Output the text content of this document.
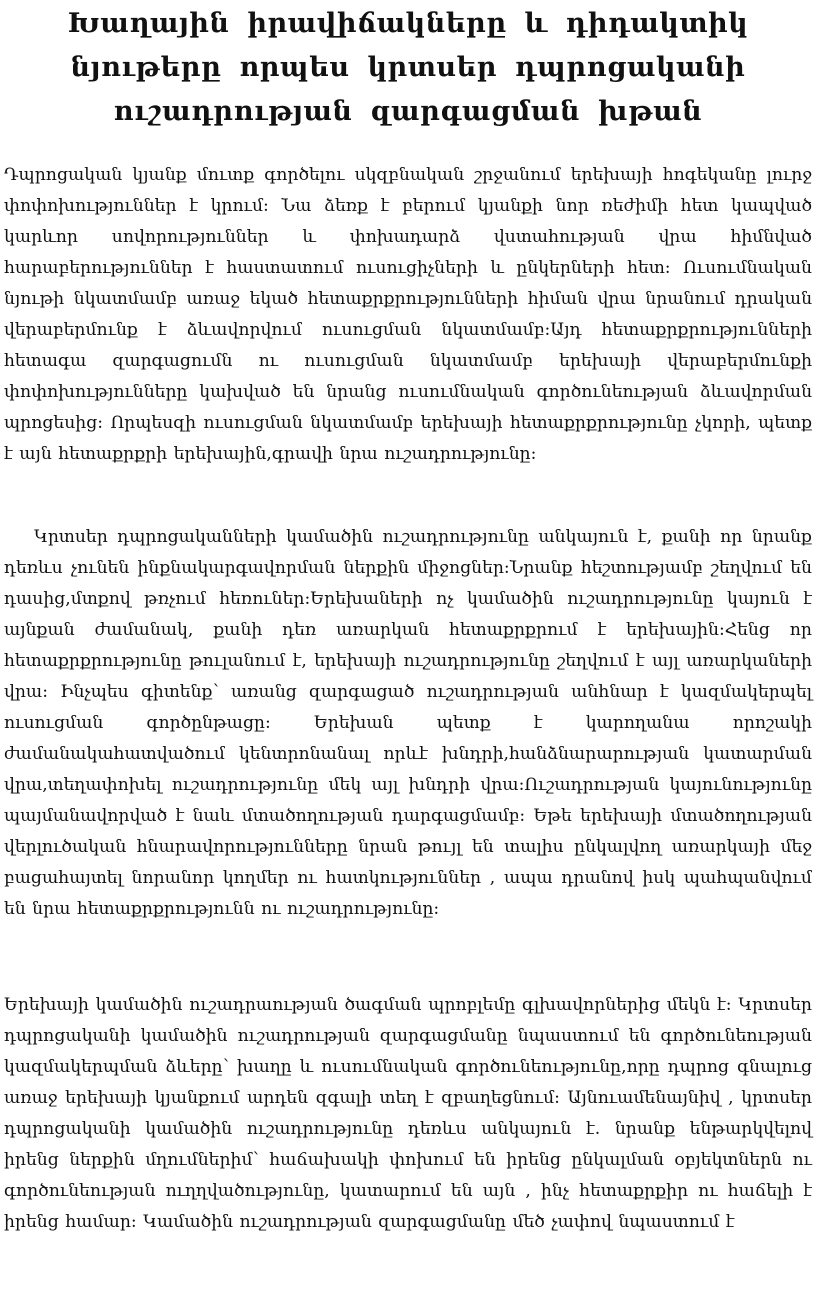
Խաղային իրավիճակները և դիդակտիկ նյութերը որպես կրտսեր դպրոցականի ուշադրության զարգացման խթան

Դպրոցական կյանք մուտք գործելու սկզբնական շրջանում երեխայի հոգեկանը լուրջ փոփոխություններ է կրում: Նա ձեռք է բերում կյանքի նոր ռեժիմի հետ կապված կարևոր սովորություններ և փոխադարձ վստահության վրա հիմնված հարաբերություններ է հաստատում ուսուցիչների և ընկերների հետ: Ուսումնական նյութի նկատմամբ առաջ եկած հետաքրքրությունների հիման վրա նրանում դրական վերաբերմունք է ձևավորվում ուսուցման նկատմամբ:Այդ հետաքրքրությունների հետագա զարգացումն ու ուսուցման նկատմամբ երեխայի վերաբերմունքի փոփոխությունները կախված են նրանց ուսումնական գործունեության ձևավորման պրոցեսից: Որպեսզի ուսուցման նկատմամբ երեխայի հետաքրքրությունը չկորի, պետք է այն հետաքրքրի երեխային,գրավի նրա ուշադրությունը:

Կրտսեր դպրոցականների կամածին ուշադրությունը անկայուն է, քանի որ նրանք դեռևս չունեն ինքնակարգավորման ներքին միջոցներ:Նրանք հեշտությամբ շեղվում են դասից,մտքով թռչում հեռուներ:Երեխաների ոչ կամածին ուշադրությունը կայուն է այնքան ժամանակ, քանի դեռ առարկան հետաքրքրում է երեխային:Հենց որ հետաքրքրությունը թուլանում է, երեխայի ուշադրությունը շեղվում է այլ առարկաների վրա: Ինչպես գիտենք՝ առանց զարգացած ուշադրության անհնար է կազմակերպել ուսուցման գործընթացը: Երեխան պետք է կարողանա որոշակի ժամանակահատվածում կենտրոնանալ որևէ խնդրի,հանձնարարության կատարման վրա,տեղափոխել ուշադրությունը մեկ այլ խնդրի վրա:Ուշադրության կայունությունը պայմանավորված է նաև մտածողության դարգացմամբ: Եթե երեխայի մտածողության վերլուծական հնարավորությունները նրան թույլ են տալիս ընկալվող առարկայի մեջ բացահայտել նորանոր կողմեր ու հատկություններ , ապա դրանով իսկ պահպանվում են նրա հետաքրքրությունն ու ուշադրությունը:

Երեխայի կամածին ուշադրաության ծագման պրոբլեմը գլխավորներից մեկն է: Կրտսեր դպրոցականի կամածին ուշադրության զարգացմանը նպաստում են գործունեության կազմակերպման ձևերը՝ խաղը և ուսումնական գործունեությունը,որը դպրոց գնալուց առաջ երեխայի կյանքում արդեն զգալի տեղ է զբաղեցնում: Այնուամենայնիվ , կրտսեր դպրոցականի կամածին ուշադրությունը դեռևս անկայուն է. նրանք ենթարկվելով իրենց ներքին մղումներիմ՝ հաճախակի փոխում են իրենց ընկալման օբյեկտներն ու գործունեության ուղղվածությունը, կատարում են այն , ինչ հետաքրքիր ու հաճելի է իրենց համար: Կամածին ուշադրության զարգացմանը մեծ չափով նպաստում է
